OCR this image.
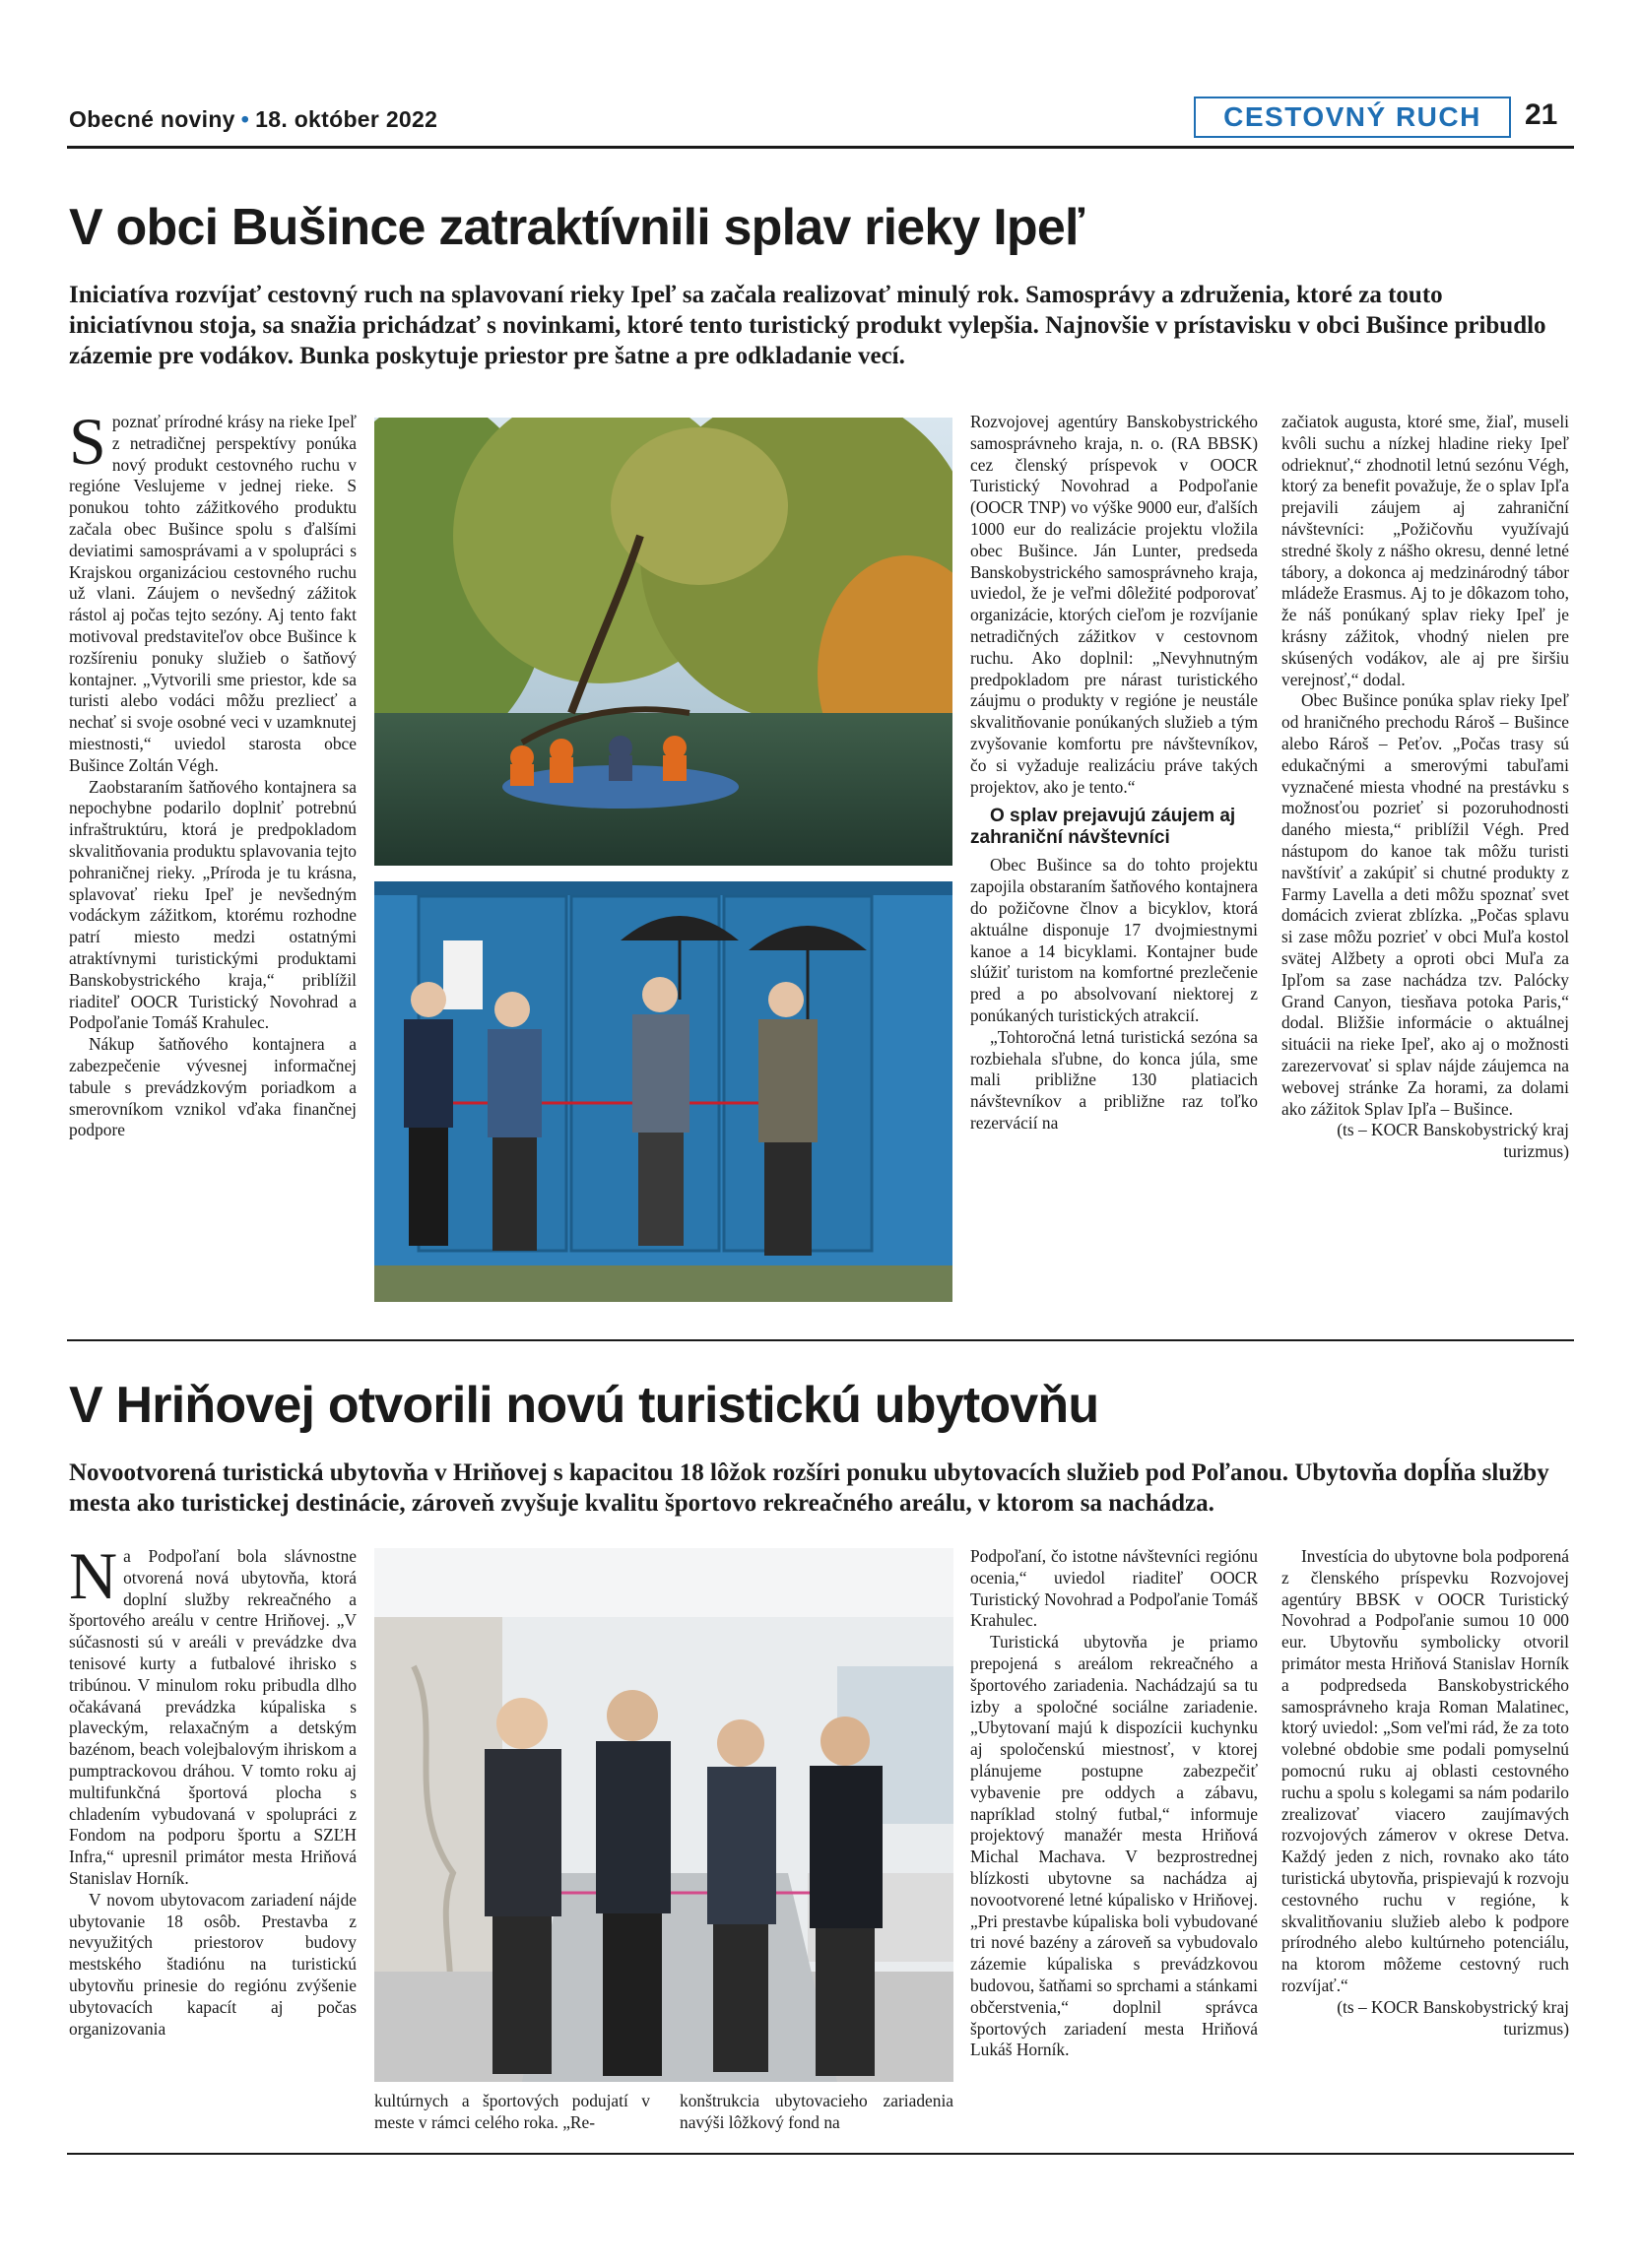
Obecné noviny • 18. október 2022	CESTOVNÝ RUCH	21
V obci Bušince zatraktívnili splav rieky Ipeľ
Iniciatíva rozvíjať cestovný ruch na splavovaní rieky Ipeľ sa začala realizovať minulý rok. Samosprávy a združenia, ktoré za touto iniciatívnou stoja, sa snažia prichádzať s novinkami, ktoré tento turistický produkt vylepšia. Najnovšie v prístavisku v obci Bušince pribudlo zázemie pre vodákov. Bunka poskytuje priestor pre šatne a pre odkladanie vecí.

Spoznať prírodné krásy na rieke Ipeľ z netradičnej perspektívy ponúka nový produkt cestovného ruchu v regióne Veslujeme v jednej rieke. S ponukou tohto zážitkového produktu začala obec Bušince spolu s ďalšími deviatimi samosprávami a v spolupráci s Krajskou organizáciou cestovného ruchu už vlani. Záujem o nevšedný zážitok rástol aj počas tejto sezóny. Aj tento fakt motivoval predstaviteľov obce Bušince k rozšíreniu ponuky služieb o šatňový kontajner. „Vytvorili sme priestor, kde sa turisti alebo vodáci môžu prezliecť a nechať si svoje osobné veci v uzamknutej miestnosti,“ uviedol starosta obce Bušince Zoltán Végh.

Zaobstaraním šatňového kontajnera sa nepochybne podarilo doplniť potrebnú infraštruktúru, ktorá je predpokladom skvalitňovania produktu splavovania tejto pohraničnej rieky. „Príroda je tu krásna, splavovať rieku Ipeľ je nevšedným vodáckym zážitkom, ktorému rozhodne patrí miesto medzi ostatnými atraktívnymi turistickými produktami Banskobystrického kraja,“ priblížil riaditeľ OOCR Turistický Novohrad a Podpoľanie Tomáš Krahulec.

Nákup šatňového kontajnera a zabezpečenie vývesnej informačnej tabule s prevádzkovým poriadkom a smerovníkom vznikol vďaka finančnej podpore

Rozvojovej agentúry Banskobystrického samosprávneho kraja, n. o. (RA BBSK) cez členský príspevok v OOCR Turistický Novohrad a Podpoľanie (OOCR TNP) vo výške 9000 eur, ďalších 1000 eur do realizácie projektu vložila obec Bušince. Ján Lunter, predseda Banskobystrického samosprávneho kraja, uviedol, že je veľmi dôležité podporovať organizácie, ktorých cieľom je rozvíjanie netradičných zážitkov v cestovnom ruchu. Ako doplnil: „Nevyhnutným predpokladom pre nárast turistického záujmu o produkty v regióne je neustále skvalitňovanie ponúkaných služieb a tým zvyšovanie komfortu pre návštevníkov, čo si vyžaduje realizáciu práve takých projektov, ako je tento.“

O splav prejavujú záujem aj zahraniční návštevníci

Obec Bušince sa do tohto projektu zapojila obstaraním šatňového kontajnera do požičovne člnov a bicyklov, ktorá aktuálne disponuje 17 dvojmiestnymi kanoe a 14 bicyklami. Kontajner bude slúžiť turistom na komfortné prezlečenie pred a po absolvovaní niektorej z ponúkaných turistických atrakcií.

„Tohtoročná letná turistická sezóna sa rozbiehala sľubne, do konca júla, sme mali približne 130 platiacich návštevníkov a približne raz toľko rezervácií na

začiatok augusta, ktoré sme, žiaľ, museli kvôli suchu a nízkej hladine rieky Ipeľ odrieknuť,“ zhodnotil letnú sezónu Végh, ktorý za benefit považuje, že o splav Ipľa prejavili záujem aj zahraniční návštevníci: „Požičovňu využívajú stredné školy z nášho okresu, denné letné tábory, a dokonca aj medzinárodný tábor mládeže Erasmus. Aj to je dôkazom toho, že náš ponúkaný splav rieky Ipeľ je krásny zážitok, vhodný nielen pre skúsených vodákov, ale aj pre širšiu verejnosť,“ dodal.

Obec Bušince ponúka splav rieky Ipeľ od hraničného prechodu Rároš – Bušince alebo Rároš – Peťov. „Počas trasy sú edukačnými a smerovými tabuľami vyznačené miesta vhodné na prestávku s možnosťou pozrieť si pozoruhodnosti daného miesta,“ priblížil Végh. Pred nástupom do kanoe tak môžu turisti navštíviť a zakúpiť si chutné produkty z Farmy Lavella a deti môžu spoznať svet domácich zvierat zblízka. „Počas splavu si zase môžu pozrieť v obci Muľa kostol svätej Alžbety a oproti obci Muľa za Ipľom sa zase nachádza tzv. Palócky Grand Canyon, tiesňava potoka Paris,“ dodal. Bližšie informácie o aktuálnej situácii na rieke Ipeľ, ako aj o možnosti zarezervovať si splav nájde záujemca na webovej stránke Za horami, za dolami ako zážitok Splav Ipľa – Bušince.

(ts – KOCR Banskobystrický kraj turizmus)

V Hriňovej otvorili novú turistickú ubytovňu
Novootvorená turistická ubytovňa v Hriňovej s kapacitou 18 lôžok rozšíri ponuku ubytovacích služieb pod Poľanou. Ubytovňa dopĺňa služby mesta ako turistickej destinácie, zároveň zvyšuje kvalitu športovo rekreačného areálu, v ktorom sa nachádza.

Na Podpoľaní bola slávnostne otvorená nová ubytovňa, ktorá doplní služby rekreačného a športového areálu v centre Hriňovej. „V súčasnosti sú v areáli v prevádzke dva tenisové kurty a futbalové ihrisko s tribúnou. V minulom roku pribudla dlho očakávaná prevádzka kúpaliska s plaveckým, relaxačným a detským bazénom, beach volejbalovým ihriskom a pumptrackovou dráhou. V tomto roku aj multifunkčná športová plocha s chladením vybudovaná v spolupráci z Fondom na podporu športu a SZĽH Infra,“ upresnil primátor mesta Hriňová Stanislav Horník.

V novom ubytovacom zariadení nájde ubytovanie 18 osôb. Prestavba z nevyužitých priestorov budovy mestského štadiónu na turistickú ubytovňu prinesie do regiónu zvýšenie ubytovacích kapacít aj počas organizovania

kultúrnych a športových podujatí v meste v rámci celého roka. „Re-
konštrukcia ubytovacieho zariadenia navýši lôžkový fond na

Podpoľaní, čo istotne návštevníci regiónu ocenia,“ uviedol riaditeľ OOCR Turistický Novohrad a Podpoľanie Tomáš Krahulec.

Turistická ubytovňa je priamo prepojená s areálom rekreačného a športového zariadenia. Nachádzajú sa tu izby a spoločné sociálne zariadenie. „Ubytovaní majú k dispozícii kuchynku aj spoločenskú miestnosť, v ktorej plánujeme postupne zabezpečiť vybavenie pre oddych a zábavu, napríklad stolný futbal,“ informuje projektový manažér mesta Hriňová Michal Machava. V bezprostrednej blízkosti ubytovne sa nachádza aj novootvorené letné kúpalisko v Hriňovej. „Pri prestavbe kúpaliska boli vybudované tri nové bazény a zároveň sa vybudovalo zázemie kúpaliska s prevádzkovou budovou, šatňami so sprchami a stánkami občerstvenia,“ doplnil správca športových zariadení mesta Hriňová Lukáš Horník.

Investícia do ubytovne bola podporená z členského príspevku Rozvojovej agentúry BBSK v OOCR Turistický Novohrad a Podpoľanie sumou 10 000 eur. Ubytovňu symbolicky otvoril primátor mesta Hriňová Stanislav Horník a podpredseda Banskobystrického samosprávneho kraja Roman Malatinec, ktorý uviedol: „Som veľmi rád, že za toto volebné obdobie sme podali pomyselnú pomocnú ruku aj oblasti cestovného ruchu a spolu s kolegami sa nám podarilo zrealizovať viacero zaujímavých rozvojových zámerov v okrese Detva. Každý jeden z nich, rovnako ako táto turistická ubytovňa, prispievajú k rozvoju cestovného ruchu v regióne, k skvalitňovaniu služieb alebo k podpore prírodného alebo kultúrneho potenciálu, na ktorom môžeme cestovný ruch rozvíjať.“

(ts – KOCR Banskobystrický kraj turizmus)
